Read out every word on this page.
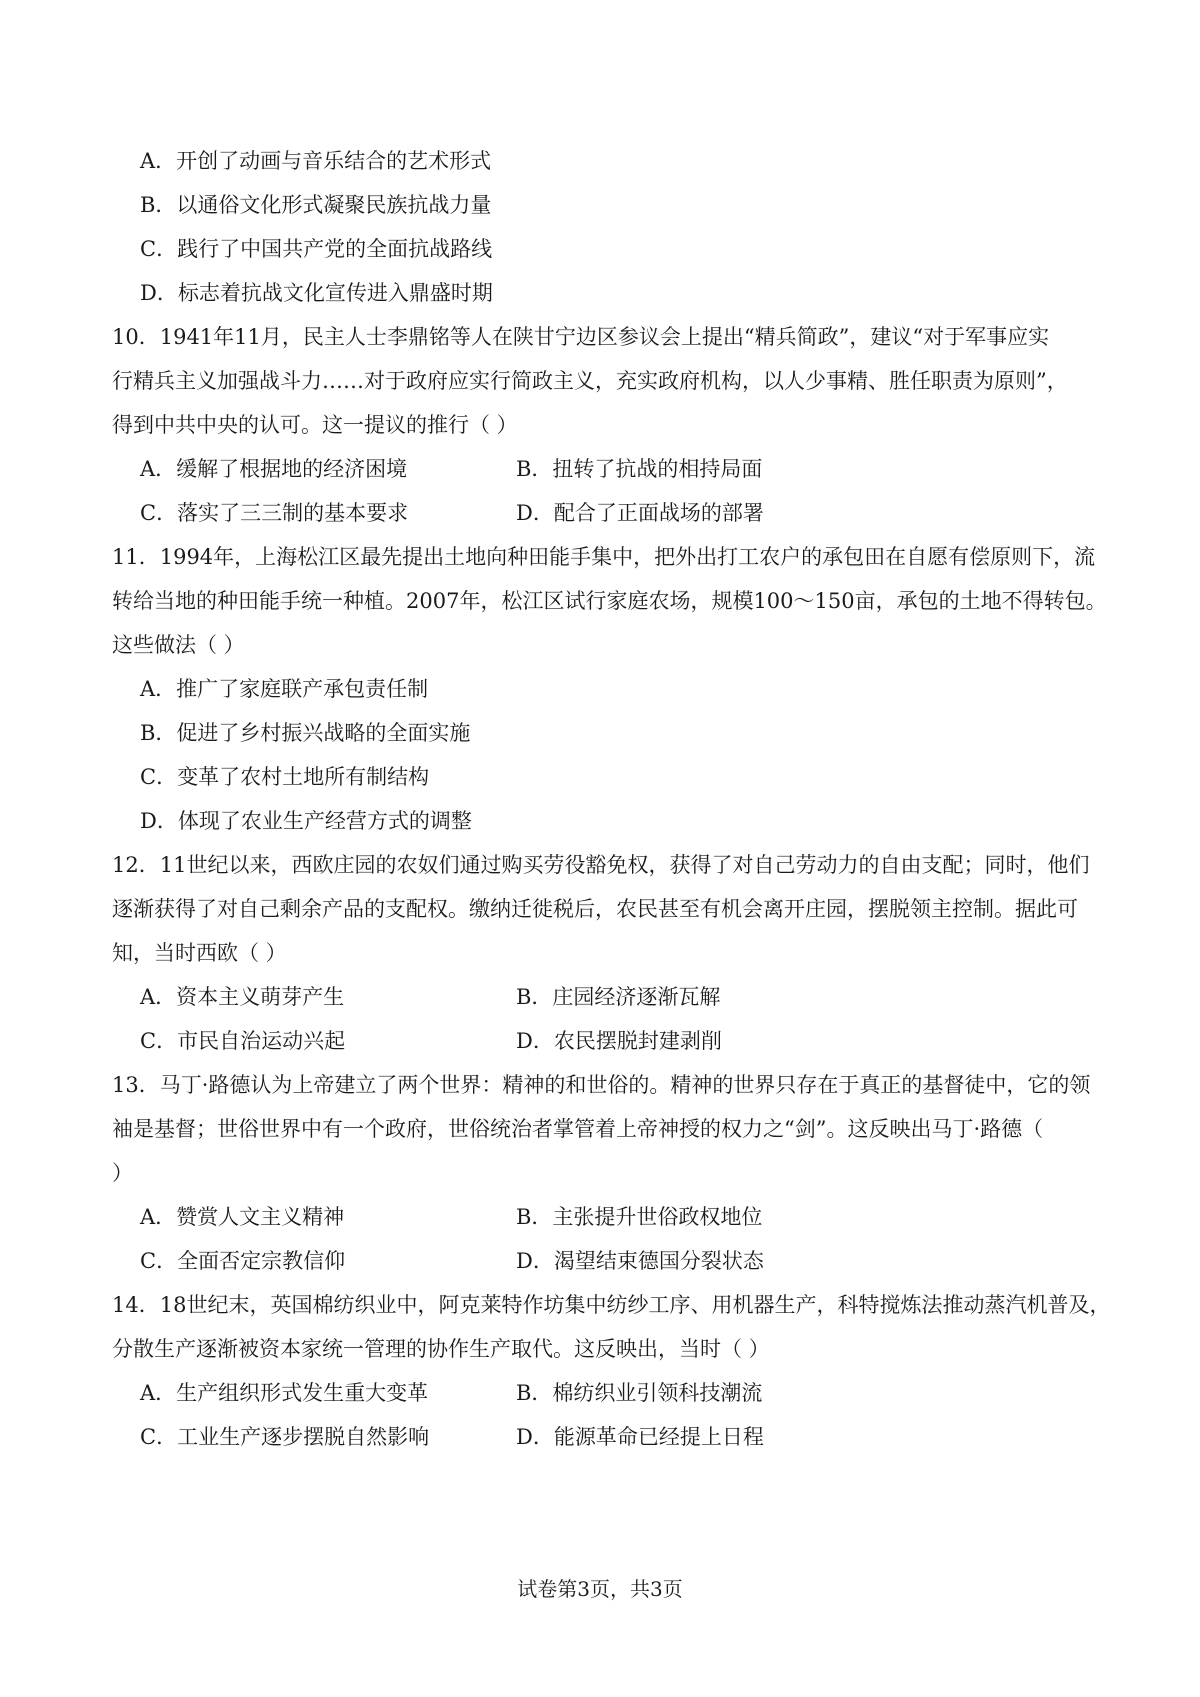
A．开创了动画与音乐结合的艺术形式
B．以通俗文化形式凝聚民族抗战力量
C．践行了中国共产党的全面抗战路线
D．标志着抗战文化宣传进入鼎盛时期
10．1941年11月，民主人士李鼎铭等人在陕甘宁边区参议会上提出“精兵简政”，建议“对于军事应实
行精兵主义加强战斗力……对于政府应实行简政主义，充实政府机构，以人少事精、胜任职责为原则”，
得到中共中央的认可。这一提议的推行（ ）
A．缓解了根据地的经济困境	B．扭转了抗战的相持局面
C．落实了三三制的基本要求	D．配合了正面战场的部署
11．1994年，上海松江区最先提出土地向种田能手集中，把外出打工农户的承包田在自愿有偿原则下，流
转给当地的种田能手统一种植。2007年，松江区试行家庭农场，规模100～150亩，承包的土地不得转包。
这些做法（ ）
A．推广了家庭联产承包责任制
B．促进了乡村振兴战略的全面实施
C．变革了农村土地所有制结构
D．体现了农业生产经营方式的调整
12．11世纪以来，西欧庄园的农奴们通过购买劳役豁免权，获得了对自己劳动力的自由支配；同时，他们
逐渐获得了对自己剩余产品的支配权。缴纳迁徙税后，农民甚至有机会离开庄园，摆脱领主控制。据此可
知，当时西欧（ ）
A．资本主义萌芽产生	B．庄园经济逐渐瓦解
C．市民自治运动兴起	D．农民摆脱封建剥削
13．马丁·路德认为上帝建立了两个世界：精神的和世俗的。精神的世界只存在于真正的基督徒中，它的领
袖是基督；世俗世界中有一个政府，世俗统治者掌管着上帝神授的权力之“剑”。这反映出马丁·路德（
）
A．赞赏人文主义精神	B．主张提升世俗政权地位
C．全面否定宗教信仰	D．渴望结束德国分裂状态
14．18世纪末，英国棉纺织业中，阿克莱特作坊集中纺纱工序、用机器生产，科特搅炼法推动蒸汽机普及，
分散生产逐渐被资本家统一管理的协作生产取代。这反映出，当时（ ）
A．生产组织形式发生重大变革	B．棉纺织业引领科技潮流
C．工业生产逐步摆脱自然影响	D．能源革命已经提上日程
试卷第3页，共3页
